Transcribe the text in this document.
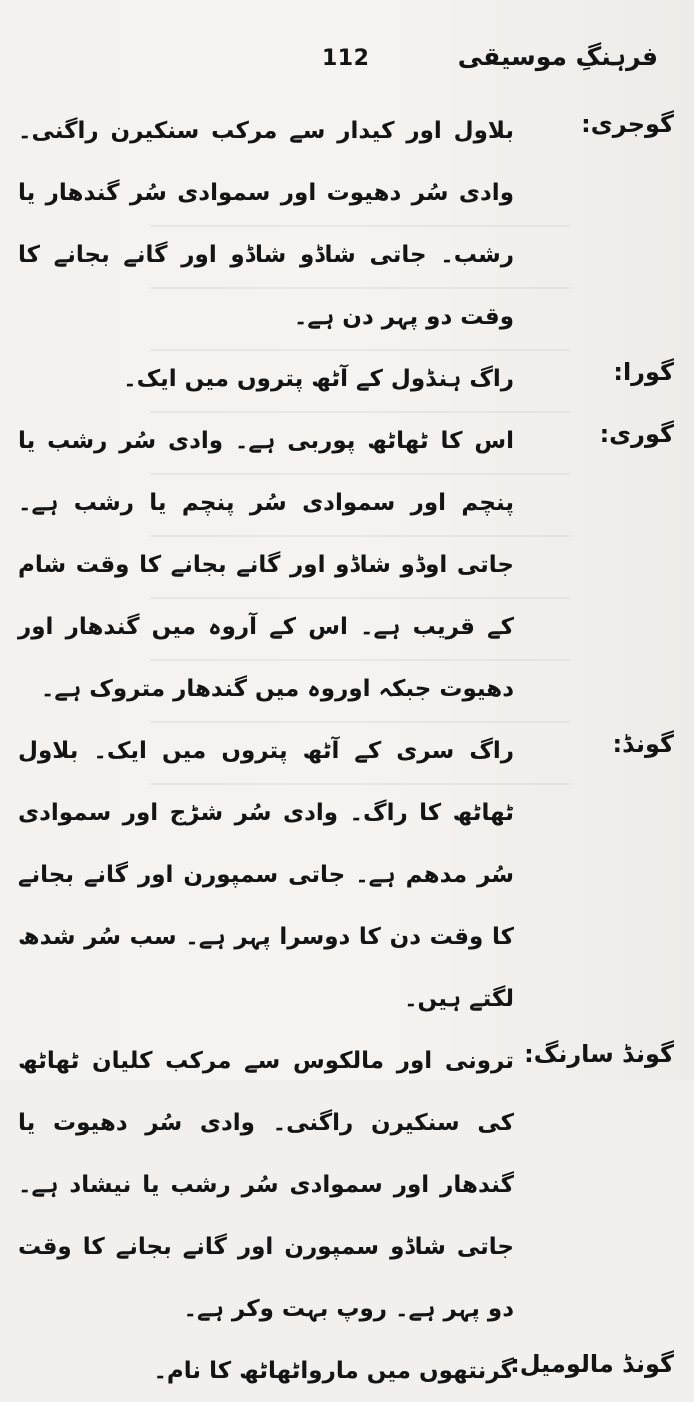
112	فرہنگِ موسیقی
گوجری:
بلاول اور کیدار سے مرکب سنکیرن راگنی۔ وادی سُر دھیوت اور سموادی سُر گندھار یا رشب۔ جاتی شاڈو شاڈو اور گانے بجانے کا وقت دو پہر دن ہے۔
گورا:
راگ ہنڈول کے آٹھ پتروں میں ایک۔
گوری:
اس کا ٹھاٹھ پوربی ہے۔ وادی سُر رشب یا پنچم اور سموادی سُر پنچم یا رشب ہے۔ جاتی اوڈو شاڈو اور گانے بجانے کا وقت شام کے قریب ہے۔ اس کے آروہ میں گندھار اور دھیوت جبکہ اوروہ میں گندھار متروک ہے۔
گونڈ:
راگ سری کے آٹھ پتروں میں ایک۔ بلاول ٹھاٹھ کا راگ۔ وادی سُر شڑج اور سموادی سُر مدھم ہے۔ جاتی سمپورن اور گانے بجانے کا وقت دن کا دوسرا پہر ہے۔ سب سُر شدھ لگتے ہیں۔
گونڈ سارنگ:
ترونی اور مالکوس سے مرکب کلیان ٹھاٹھ کی سنکیرن راگنی۔ وادی سُر دھیوت یا گندھار اور سموادی سُر رشب یا نیشاد ہے۔ جاتی شاڈو سمپورن اور گانے بجانے کا وقت دو پہر ہے۔ روپ بہت وکر ہے۔
گونڈ مالومیل:
گرنتھوں میں مارواٹھاٹھ کا نام۔
